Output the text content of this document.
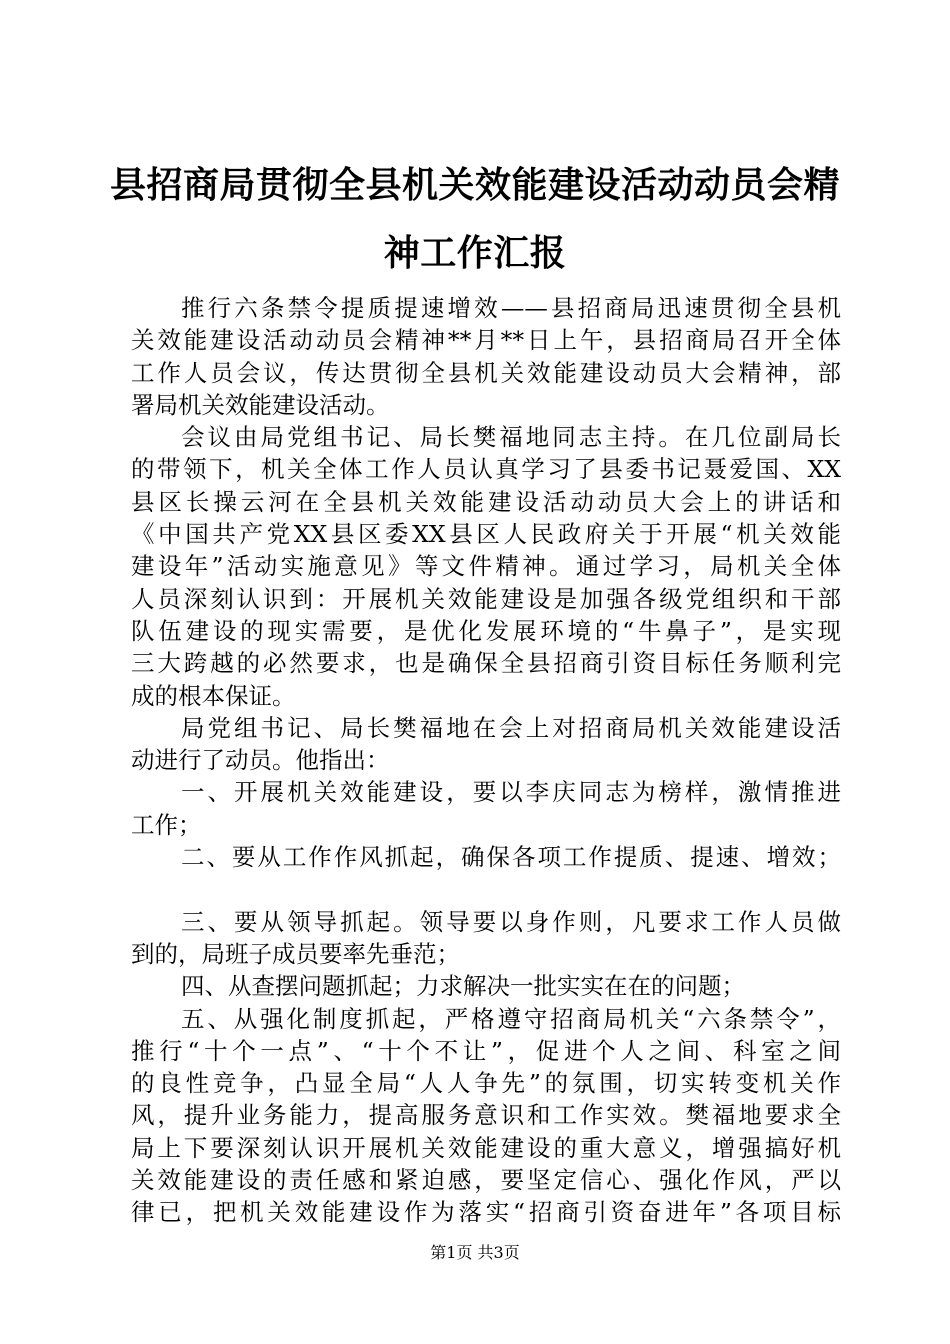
县招商局贯彻全县机关效能建设活动动员会精
神工作汇报
推行六条禁令提质提速增效——县招商局迅速贯彻全县机
关效能建设活动动员会精神**月**日上午，县招商局召开全体
工作人员会议，传达贯彻全县机关效能建设动员大会精神，部
署局机关效能建设活动。
会议由局党组书记、局长樊福地同志主持。在几位副局长
的带领下，机关全体工作人员认真学习了县委书记聂爱国、XX
县区长操云河在全县机关效能建设活动动员大会上的讲话和
《中国共产党XX县区委XX县区人民政府关于开展“机关效能
建设年”活动实施意见》等文件精神。通过学习，局机关全体
人员深刻认识到：开展机关效能建设是加强各级党组织和干部
队伍建设的现实需要，是优化发展环境的“牛鼻子”，是实现
三大跨越的必然要求，也是确保全县招商引资目标任务顺利完
成的根本保证。
局党组书记、局长樊福地在会上对招商局机关效能建设活
动进行了动员。他指出：
一、开展机关效能建设，要以李庆同志为榜样，激情推进
工作；
二、要从工作作风抓起，确保各项工作提质、提速、增效；
三、要从领导抓起。领导要以身作则，凡要求工作人员做
到的，局班子成员要率先垂范；
四、从查摆问题抓起；力求解决一批实实在在的问题；
五、从强化制度抓起，严格遵守招商局机关“六条禁令”，
推行“十个一点”、“十个不让”，促进个人之间、科室之间
的良性竞争，凸显全局“人人争先”的氛围，切实转变机关作
风，提升业务能力，提高服务意识和工作实效。樊福地要求全
局上下要深刻认识开展机关效能建设的重大意义，增强搞好机
关效能建设的责任感和紧迫感，要坚定信心、强化作风，严以
律已，把机关效能建设作为落实“招商引资奋进年”各项目标
第1页 共3页
